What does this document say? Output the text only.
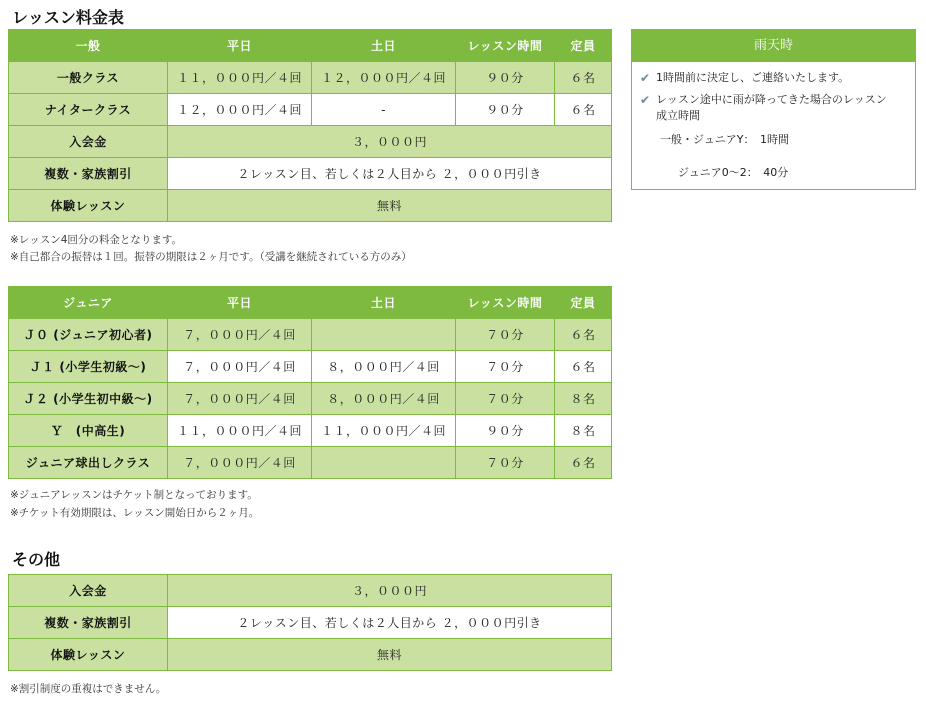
レッスン料金表
一般	平日	土日	レッスン時間	定員
一般クラス	１１，０００円／４回	１２，０００円／４回	９０分	６名
ナイタークラス	１２，０００円／４回	-	９０分	６名
入会金	３，０００円			
複数・家族割引	２レッスン目、若しくは２人目から ２，０００円引き			
体験レッスン	無料			

※レッスン4回分の料金となります。

※自己都合の振替は１回。振替の期限は２ヶ月です。（受講を継続されている方のみ）

ジュニア	平日	土日	レッスン時間	定員
Ｊ０ (ジュニア初心者)	７，０００円／４回		７０分	６名
Ｊ１ (小学生初級〜)	７，０００円／４回	８，０００円／４回	７０分	６名
Ｊ２ (小学生初中級〜)	７，０００円／４回	８，０００円／４回	７０分	８名
Ｙ　(中高生)	１１，０００円／４回	１１，０００円／４回	９０分	８名
ジュニア球出しクラス	７，０００円／４回		７０分	６名

※ジュニアレッスンはチケット制となっております。

※チケット有効期限は、レッスン開始日から２ヶ月。

その他
入会金	３，０００円
複数・家族割引	２レッスン目、若しくは２人目から ２，０００円引き
体験レッスン	無料

※割引制度の重複はできません。

雨天時
✔ 1時間前に決定し、ご連絡いたします。
✔ レッスン途中に雨が降ってきた場合のレッスン
成立時間
一般・ジュニアY：　1時間
ジュニア0〜2：　40分
